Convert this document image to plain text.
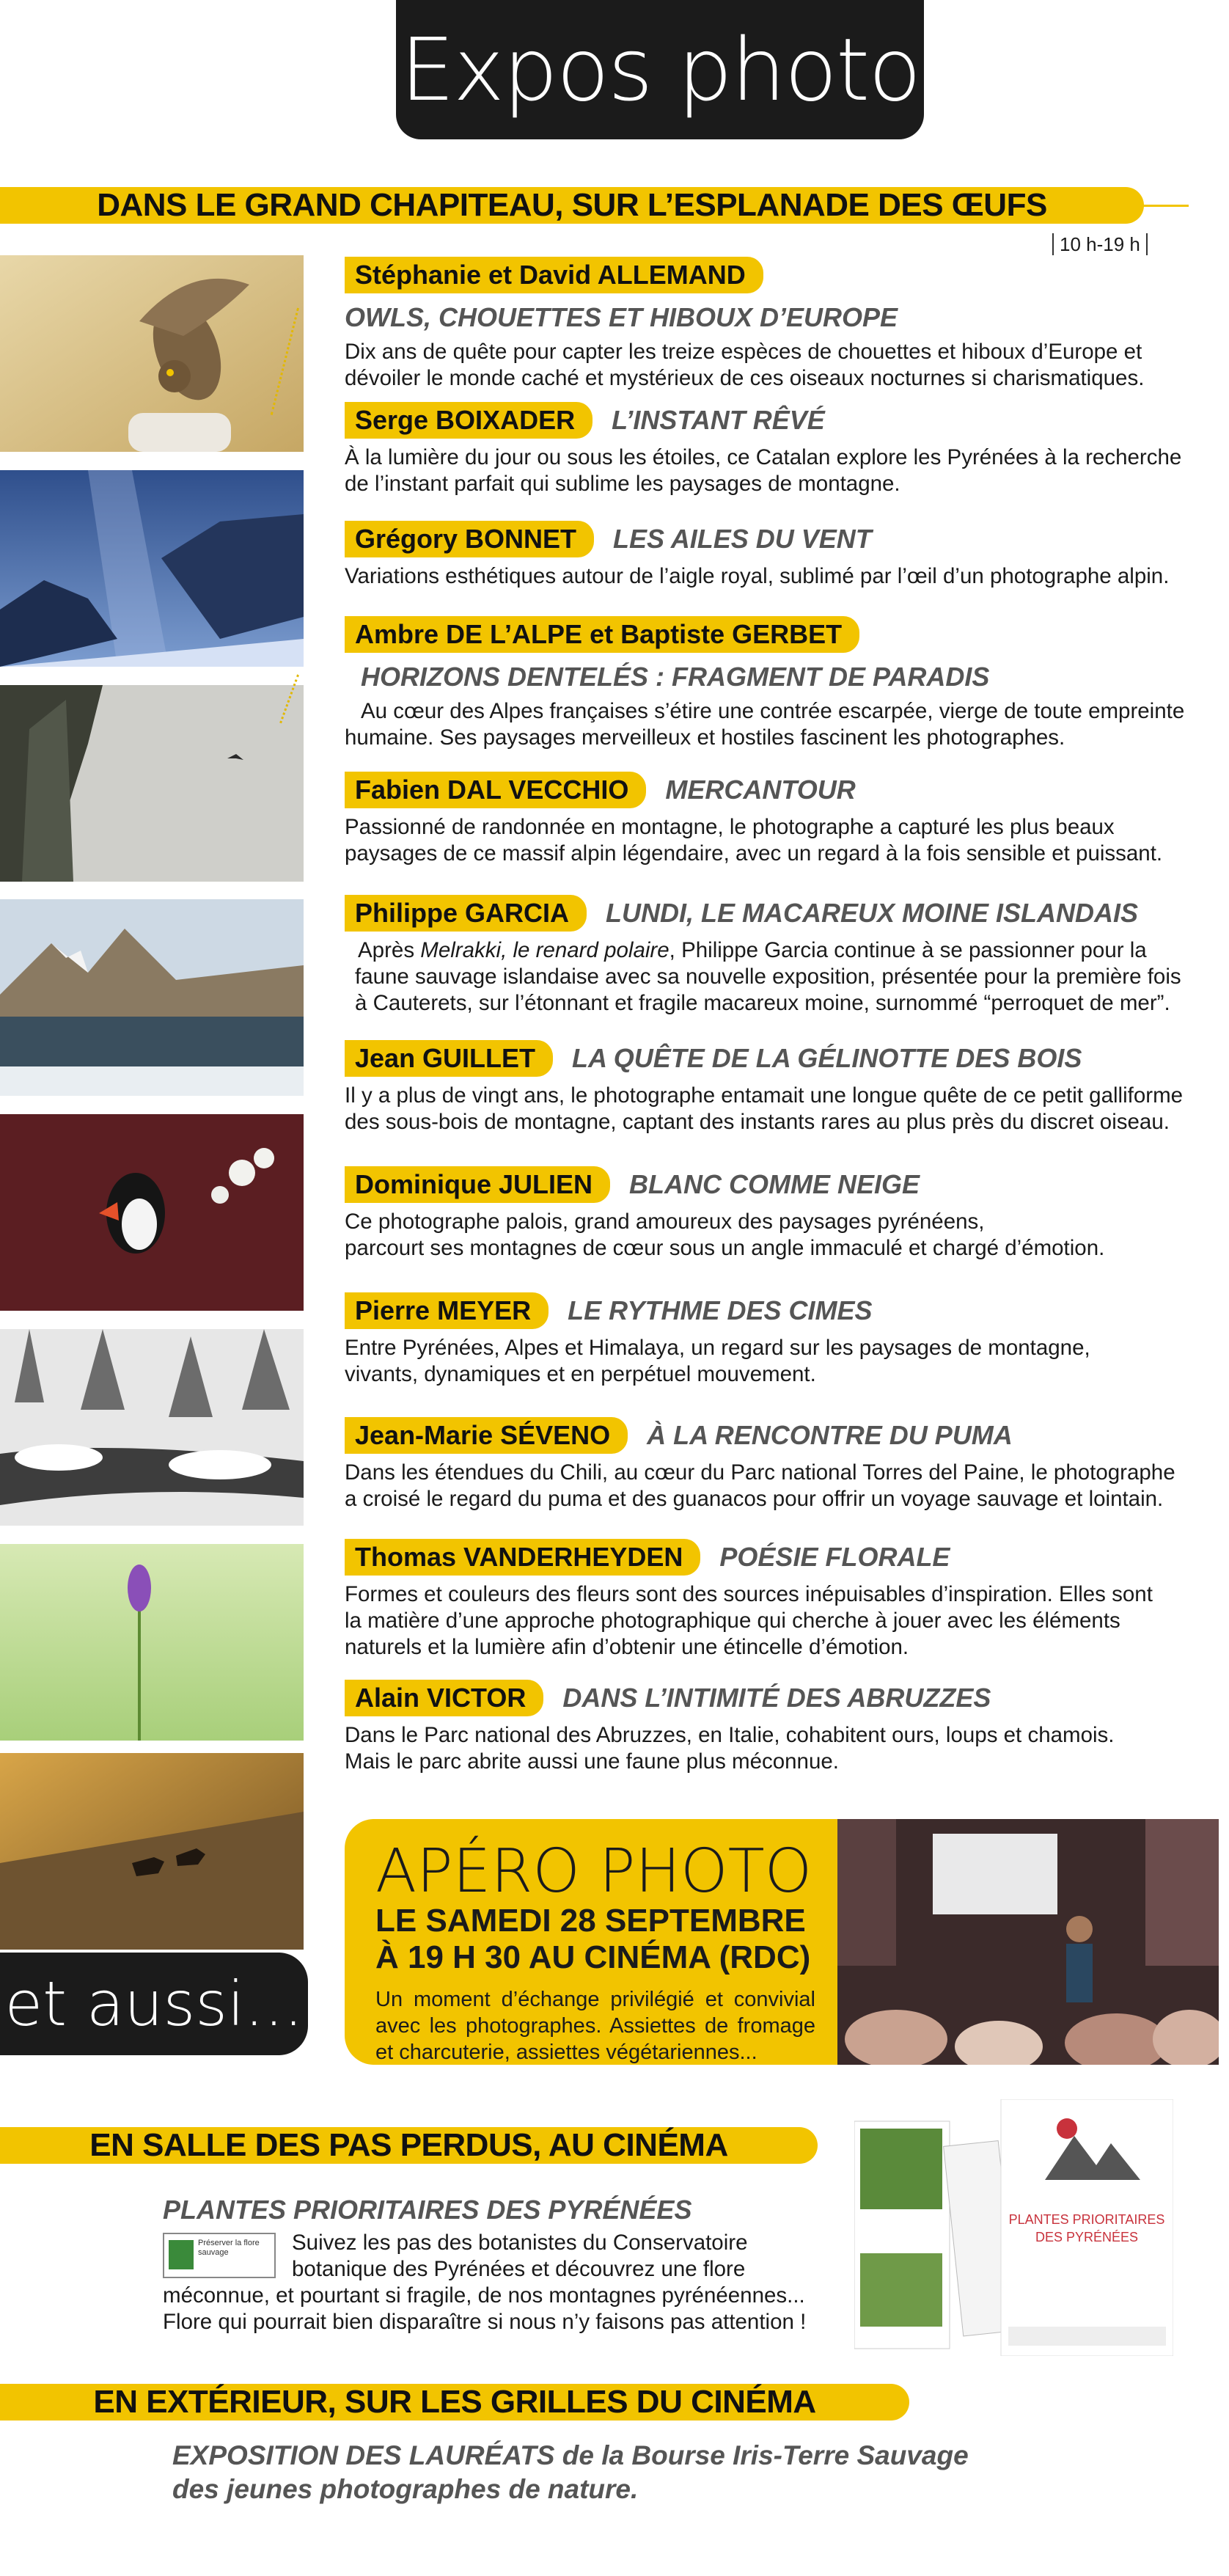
Expos photo
DANS LE GRAND CHAPITEAU, SUR L’ESPLANADE DES ŒUFS
10 h-19 h
Stéphanie et David ALLEMAND
OWLS, CHOUETTES ET HIBOUX D’EUROPE
Dix ans de quête pour capter les treize espèces de chouettes et hiboux d’Europe et
dévoiler le monde caché et mystérieux de ces oiseaux nocturnes si charismatiques.
Serge BOIXADER L’INSTANT RÊVÉ
À la lumière du jour ou sous les étoiles, ce Catalan explore les Pyrénées à la recherche
de l’instant parfait qui sublime les paysages de montagne.
Grégory BONNET LES AILES DU VENT
Variations esthétiques autour de l’aigle royal, sublimé par l’œil d’un photographe alpin.
Ambre DE L’ALPE et Baptiste GERBET
HORIZONS DENTELÉS : FRAGMENT DE PARADIS
Au cœur des Alpes françaises s’étire une contrée escarpée, vierge de toute empreinte
humaine. Ses paysages merveilleux et hostiles fascinent les photographes.
Fabien DAL VECCHIO MERCANTOUR
Passionné de randonnée en montagne, le photographe a capturé les plus beaux
paysages de ce massif alpin légendaire, avec un regard à la fois sensible et puissant.
Philippe GARCIA LUNDI, LE MACAREUX MOINE ISLANDAIS
Après Melrakki, le renard polaire, Philippe Garcia continue à se passionner pour la
faune sauvage islandaise avec sa nouvelle exposition, présentée pour la première fois
à Cauterets, sur l’étonnant et fragile macareux moine, surnommé “perroquet de mer”.
Jean GUILLET LA QUÊTE DE LA GÉLINOTTE DES BOIS
Il y a plus de vingt ans, le photographe entamait une longue quête de ce petit galliforme
des sous-bois de montagne, captant des instants rares au plus près du discret oiseau.
Dominique JULIEN BLANC COMME NEIGE
Ce photographe palois, grand amoureux des paysages pyrénéens,
parcourt ses montagnes de cœur sous un angle immaculé et chargé d’émotion.
Pierre MEYER LE RYTHME DES CIMES
Entre Pyrénées, Alpes et Himalaya, un regard sur les paysages de montagne,
vivants, dynamiques et en perpétuel mouvement.
Jean-Marie SÉVENO À LA RENCONTRE DU PUMA
Dans les étendues du Chili, au cœur du Parc national Torres del Paine, le photographe
a croisé le regard du puma et des guanacos pour offrir un voyage sauvage et lointain.
Thomas VANDERHEYDEN POÉSIE FLORALE
Formes et couleurs des fleurs sont des sources inépuisables d’inspiration. Elles sont
la matière d’une approche photographique qui cherche à jouer avec les éléments
naturels et la lumière afin d’obtenir une étincelle d’émotion.
Alain VICTOR DANS L’INTIMITÉ DES ABRUZZES
Dans le Parc national des Abruzzes, en Italie, cohabitent ours, loups et chamois.
Mais le parc abrite aussi une faune plus méconnue.
APÉRO PHOTO
LE SAMEDI 28 SEPTEMBRE
À 19 H 30 AU CINÉMA (RDC)
Un moment d’échange privilégié et convivial avec les photographes. Assiettes de fromage et charcuterie, assiettes végétariennes...
et aussi...
EN SALLE DES PAS PERDUS, AU CINÉMA
PLANTES PRIORITAIRES DES PYRÉNÉES
Préserver la flore sauvage	Suivez les pas des botanistes du Conservatoire
botanique des Pyrénées et découvrez une flore
méconnue, et pourtant si fragile, de nos montagnes pyrénéennes...
Flore qui pourrait bien disparaître si nous n’y faisons pas attention !
PLANTES PRIORITAIRES
DES PYRÉNÉES
EN EXTÉRIEUR, SUR LES GRILLES DU CINÉMA
EXPOSITION DES LAURÉATS de la Bourse Iris-Terre Sauvage
des jeunes photographes de nature.
